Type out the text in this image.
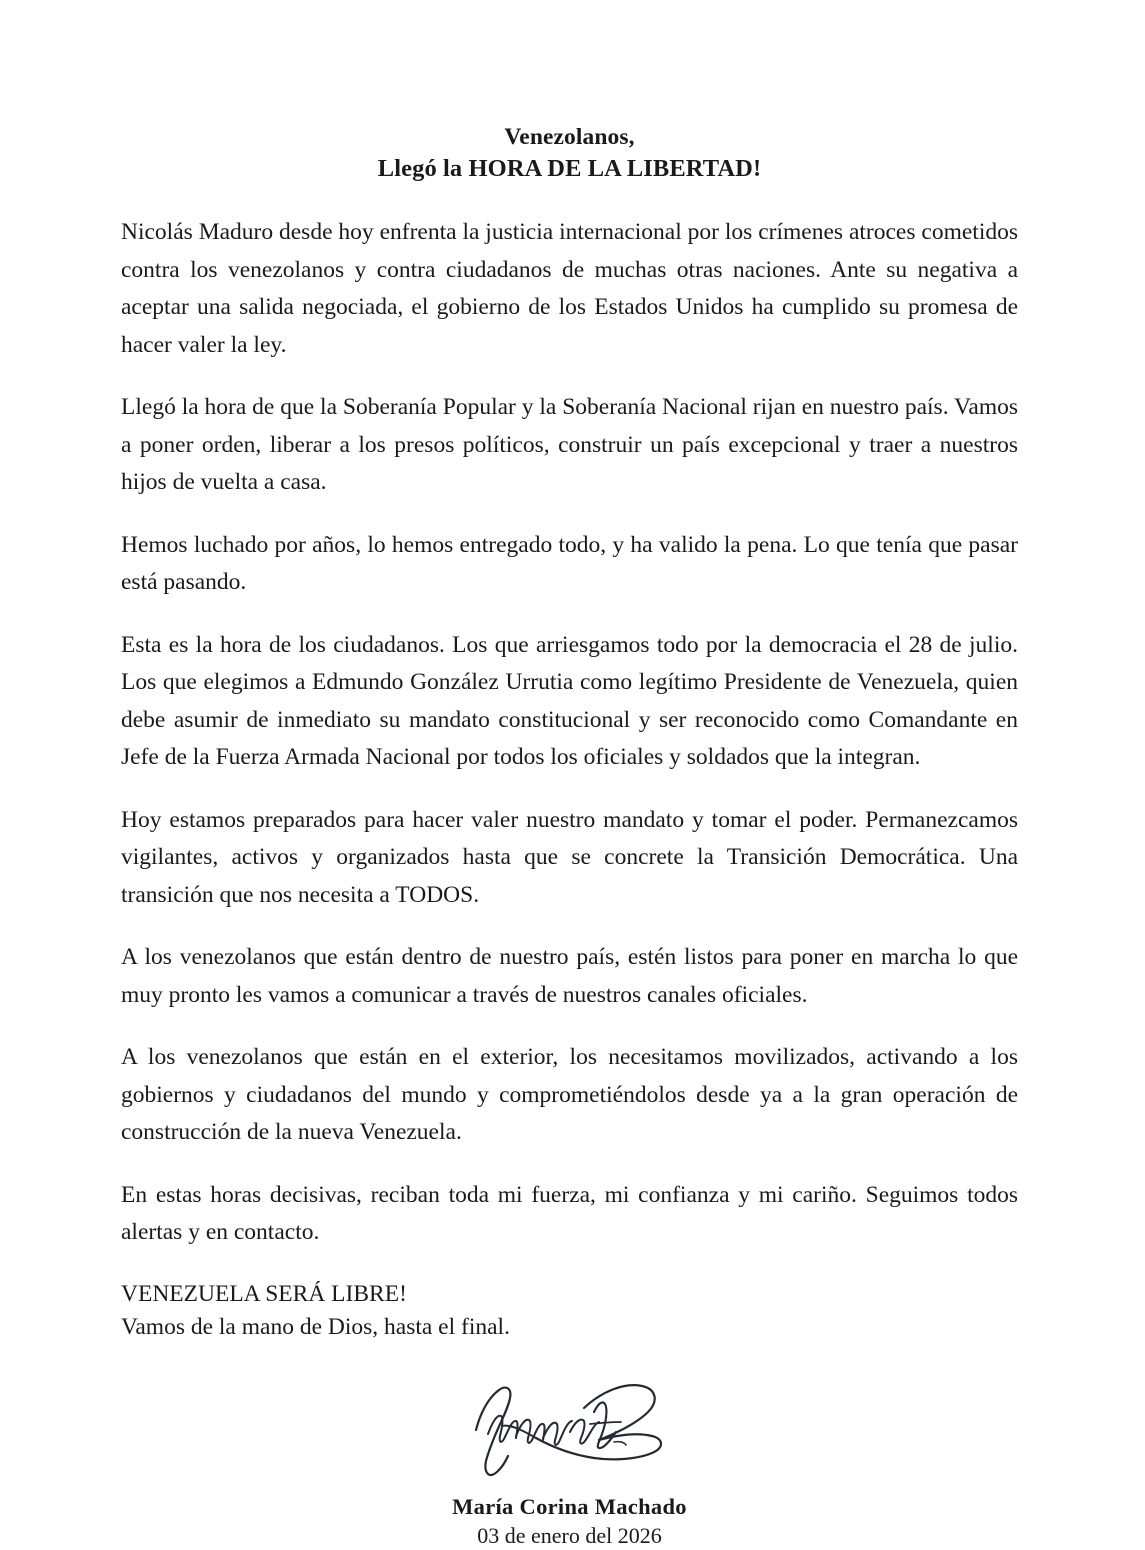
Venezolanos,
Llegó la HORA DE LA LIBERTAD!

Nicolás Maduro desde hoy enfrenta la justicia internacional por los crímenes atroces cometidos contra los venezolanos y contra ciudadanos de muchas otras naciones. Ante su negativa a aceptar una salida negociada, el gobierno de los Estados Unidos ha cumplido su promesa de hacer valer la ley.

Llegó la hora de que la Soberanía Popular y la Soberanía Nacional rijan en nuestro país. Vamos a poner orden, liberar a los presos políticos, construir un país excepcional y traer a nuestros hijos de vuelta a casa.

Hemos luchado por años, lo hemos entregado todo, y ha valido la pena. Lo que tenía que pasar está pasando.

Esta es la hora de los ciudadanos. Los que arriesgamos todo por la democracia el 28 de julio. Los que elegimos a Edmundo González Urrutia como legítimo Presidente de Venezuela, quien debe asumir de inmediato su mandato constitucional y ser reconocido como Comandante en Jefe de la Fuerza Armada Nacional por todos los oficiales y soldados que la integran.

Hoy estamos preparados para hacer valer nuestro mandato y tomar el poder. Permanezcamos vigilantes, activos y organizados hasta que se concrete la Transición Democrática. Una transición que nos necesita a TODOS.

A los venezolanos que están dentro de nuestro país, estén listos para poner en marcha lo que muy pronto les vamos a comunicar a través de nuestros canales oficiales.

A los venezolanos que están en el exterior, los necesitamos movilizados, activando a los gobiernos y ciudadanos del mundo y comprometiéndolos desde ya a la gran operación de construcción de la nueva Venezuela.

En estas horas decisivas, reciban toda mi fuerza, mi confianza y mi cariño. Seguimos todos alertas y en contacto.

VENEZUELA SERÁ LIBRE!
Vamos de la mano de Dios, hasta el final.
María Corina Machado
03 de enero del 2026
